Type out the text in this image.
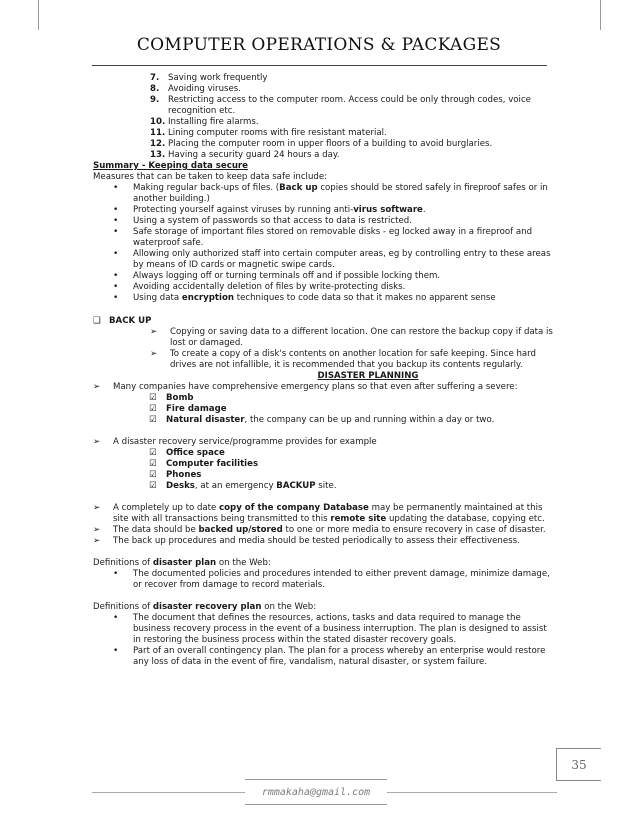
COMPUTER OPERATIONS & PACKAGES
7.	Saving work frequently
8.	Avoiding viruses.
9.	Restricting access to the computer room. Access could be only through codes, voice recognition etc.
10. Installing fire alarms.
11. Lining computer rooms with fire resistant material.
12. Placing the computer room in upper floors of a building to avoid burglaries.
13. Having a security guard 24 hours a day.
Summary - Keeping data secure
Measures that can be taken to keep data safe include:
•	Making regular back-ups of files. (Back up copies should be stored safely in fireproof safes or in another building.)
•	Protecting yourself against viruses by running anti-virus software.
•	Using a system of passwords so that access to data is restricted.
•	Safe storage of important files stored on removable disks - eg locked away in a fireproof and waterproof safe.
•	Allowing only authorized staff into certain computer areas, eg by controlling entry to these areas by means of ID cards or magnetic swipe cards.
•	Always logging off or turning terminals off and if possible locking them.
•	Avoiding accidentally deletion of files by write-protecting disks.
•	Using data encryption techniques to code data so that it makes no apparent sense
❑ BACK UP
➢	Copying or saving data to a different location. One can restore the backup copy if data is lost or damaged.
➢	To create a copy of a disk's contents on another location for safe keeping. Since hard drives are not infallible, it is recommended that you backup its contents regularly.
DISASTER PLANNING
➢	Many companies have comprehensive emergency plans so that even after suffering a severe:
☑	Bomb
☑	Fire damage
☑	Natural disaster, the company can be up and running within a day or two.
➢	A disaster recovery service/programme provides for example
☑	Office space
☑	Computer facilities
☑	Phones
☑	Desks, at an emergency BACKUP site.
➢	A completely up to date copy of the company Database may be permanently maintained at this site with all transactions being transmitted to this remote site updating the database, copying etc.
➢	The data should be backed up/stored to one or more media to ensure recovery in case of disaster.
➢	The back up procedures and media should be tested periodically to assess their effectiveness.
Definitions of disaster plan on the Web:
•	The documented policies and procedures intended to either prevent damage, minimize damage, or recover from damage to record materials.
Definitions of disaster recovery plan on the Web:
•	The document that defines the resources, actions, tasks and data required to manage the business recovery process in the event of a business interruption. The plan is designed to assist in restoring the business process within the stated disaster recovery goals.
•	Part of an overall contingency plan. The plan for a process whereby an enterprise would restore any loss of data in the event of fire, vandalism, natural disaster, or system failure.
35
rmmakaha@gmail.com
